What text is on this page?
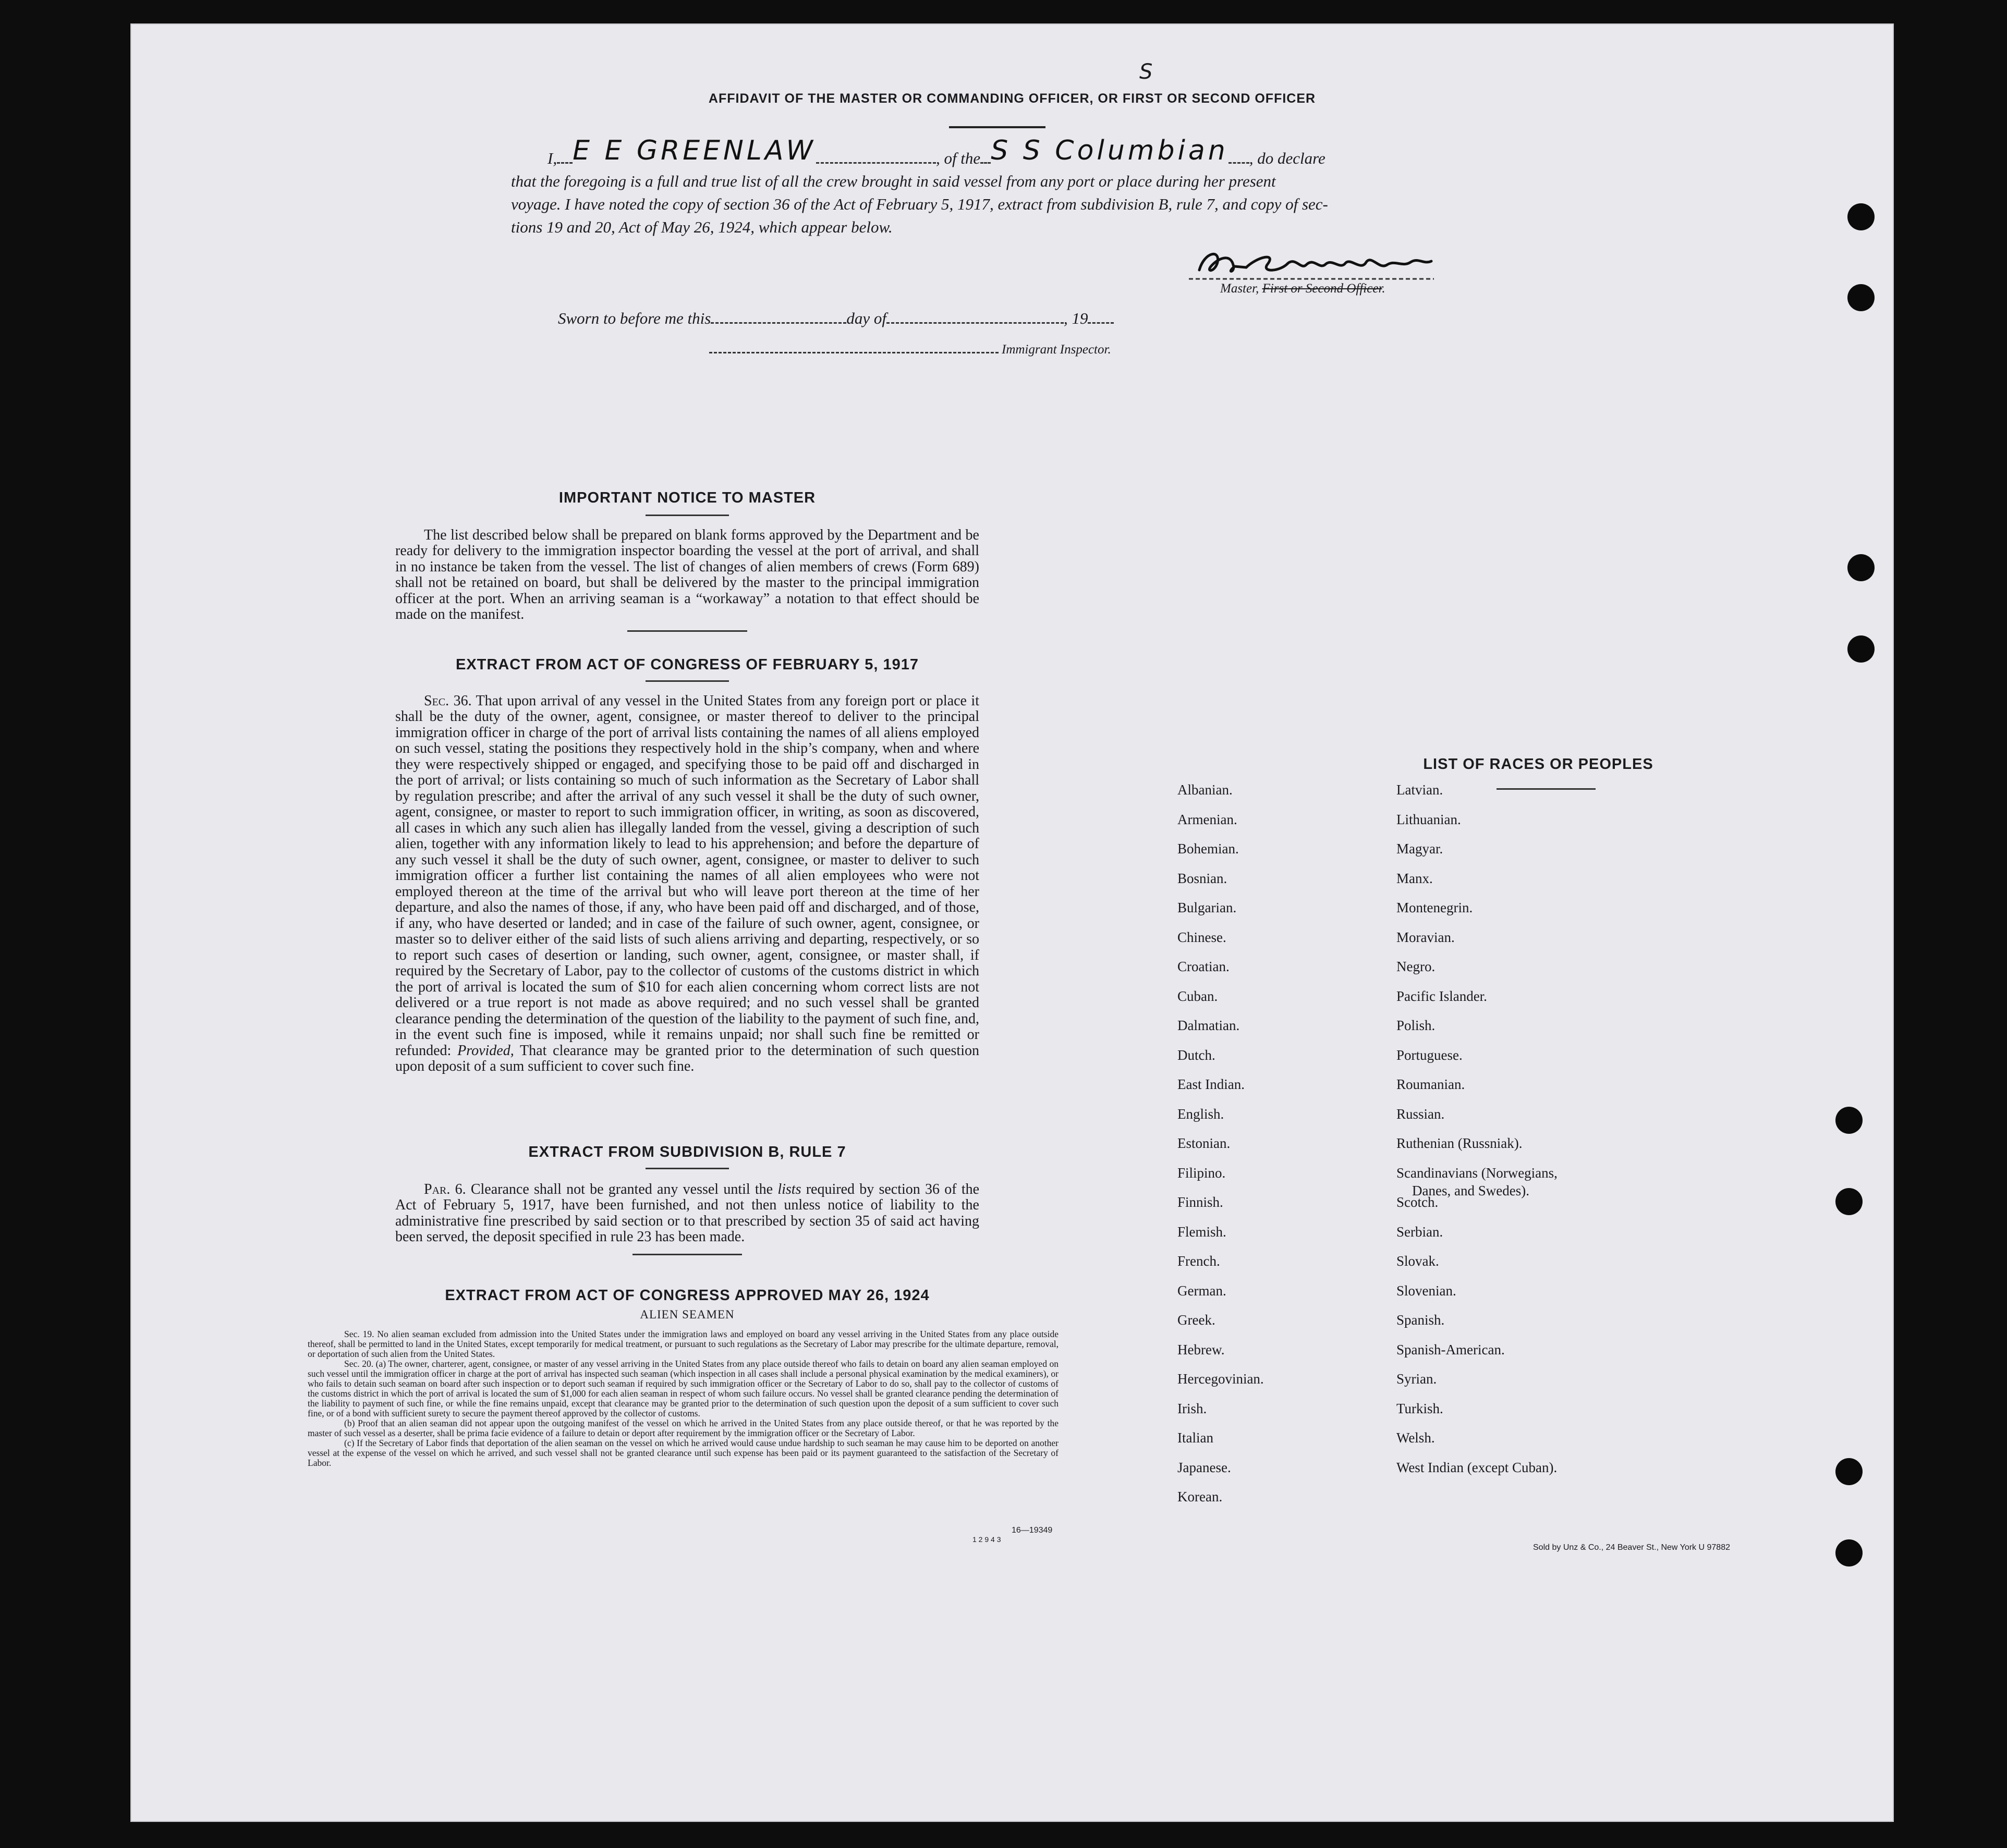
S
AFFIDAVIT OF THE MASTER OR COMMANDING OFFICER, OR FIRST OR SECOND OFFICER
I, E E GREENLAW	, of the S S Columbian , do declare
that the foregoing is a full and true list of all the crew brought in said vessel from any port or place during her present
voyage. I have noted the copy of section 36 of the Act of February 5, 1917, extract from subdivision B, rule 7, and copy of sec-
tions 19 and 20, Act of May 26, 1924, which appear below.
Master, First or Second Officer.
Sworn to before me this	day of	, 19
Immigrant Inspector.
IMPORTANT NOTICE TO MASTER
The list described below shall be prepared on blank forms approved by the Department and be ready for delivery to the immigration inspector boarding the vessel at the port of arrival, and shall in no instance be taken from the vessel. The list of changes of alien members of crews (Form 689) shall not be retained on board, but shall be delivered by the master to the principal immigration officer at the port. When an arriving seaman is a “workaway” a notation to that effect should be made on the manifest.
EXTRACT FROM ACT OF CONGRESS OF FEBRUARY 5, 1917
Sec. 36. That upon arrival of any vessel in the United States from any foreign port or place it shall be the duty of the owner, agent, consignee, or master thereof to deliver to the principal immigration officer in charge of the port of arrival lists containing the names of all aliens employed on such vessel, stating the positions they respectively hold in the ship’s company, when and where they were respectively shipped or engaged, and specifying those to be paid off and discharged in the port of arrival; or lists containing so much of such information as the Secretary of Labor shall by regulation prescribe; and after the arrival of any such vessel it shall be the duty of such owner, agent, consignee, or master to report to such immigration officer, in writing, as soon as discovered, all cases in which any such alien has illegally landed from the vessel, giving a description of such alien, together with any information likely to lead to his apprehension; and before the departure of any such vessel it shall be the duty of such owner, agent, consignee, or master to deliver to such immigration officer a further list containing the names of all alien employees who were not employed thereon at the time of the arrival but who will leave port thereon at the time of her departure, and also the names of those, if any, who have been paid off and discharged, and of those, if any, who have deserted or landed; and in case of the failure of such owner, agent, consignee, or master so to deliver either of the said lists of such aliens arriving and departing, respectively, or so to report such cases of desertion or landing, such owner, agent, consignee, or master shall, if required by the Secretary of Labor, pay to the collector of customs of the customs district in which the port of arrival is located the sum of $10 for each alien concerning whom correct lists are not delivered or a true report is not made as above required; and no such vessel shall be granted clearance pending the determination of the question of the liability to the payment of such fine, and, in the event such fine is imposed, while it remains unpaid; nor shall such fine be remitted or refunded: Provided, That clearance may be granted prior to the determination of such question upon deposit of a sum sufficient to cover such fine.
EXTRACT FROM SUBDIVISION B, RULE 7
Par. 6. Clearance shall not be granted any vessel until the lists required by section 36 of the Act of February 5, 1917, have been furnished, and not then unless notice of liability to the administrative fine prescribed by said section or to that prescribed by section 35 of said act having been served, the deposit specified in rule 23 has been made.
EXTRACT FROM ACT OF CONGRESS APPROVED MAY 26, 1924
ALIEN SEAMEN

Sec. 19. No alien seaman excluded from admission into the United States under the immigration laws and employed on board any vessel arriving in the United States from any place outside thereof, shall be permitted to land in the United States, except temporarily for medical treatment, or pursuant to such regulations as the Secretary of Labor may prescribe for the ultimate departure, removal, or deportation of such alien from the United States.

Sec. 20. (a) The owner, charterer, agent, consignee, or master of any vessel arriving in the United States from any place outside thereof who fails to detain on board any alien seaman employed on such vessel until the immigration officer in charge at the port of arrival has inspected such seaman (which inspection in all cases shall include a personal physical examination by the medical examiners), or who fails to detain such seaman on board after such inspection or to deport such seaman if required by such immigration officer or the Secretary of Labor to do so, shall pay to the collector of customs of the customs district in which the port of arrival is located the sum of $1,000 for each alien seaman in respect of whom such failure occurs. No vessel shall be granted clearance pending the determination of the liability to payment of such fine, or while the fine remains unpaid, except that clearance may be granted prior to the determination of such question upon the deposit of a sum sufficient to cover such fine, or of a bond with sufficient surety to secure the payment thereof approved by the collector of customs.

(b) Proof that an alien seaman did not appear upon the outgoing manifest of the vessel on which he arrived in the United States from any place outside thereof, or that he was reported by the master of such vessel as a deserter, shall be prima facie evidence of a failure to detain or deport after requirement by the immigration officer or the Secretary of Labor.

(c) If the Secretary of Labor finds that deportation of the alien seaman on the vessel on which he arrived would cause undue hardship to such seaman he may cause him to be deported on another vessel at the expense of the vessel on which he arrived, and such vessel shall not be granted clearance until such expense has been paid or its payment guaranteed to the satisfaction of the Secretary of Labor.

16—19349
1 2 9 4 3
LIST OF RACES OR PEOPLES
Albanian.
Armenian.
Bohemian.
Bosnian.
Bulgarian.
Chinese.
Croatian.
Cuban.
Dalmatian.
Dutch.
East Indian.
English.
Estonian.
Filipino.
Finnish.
Flemish.
French.
German.
Greek.
Hebrew.
Hercegovinian.
Irish.
Italian
Japanese.
Korean.
Latvian.
Lithuanian.
Magyar.
Manx.
Montenegrin.
Moravian.
Negro.
Pacific Islander.
Polish.
Portuguese.
Roumanian.
Russian.
Ruthenian (Russniak).
Scandinavians (Norwegians,
Danes, and Swedes).
Scotch.
Serbian.
Slovak.
Slovenian.
Spanish.
Spanish-American.
Syrian.
Turkish.
Welsh.
West Indian (except Cuban).
Sold by Unz & Co., 24 Beaver St., New York U 97882
